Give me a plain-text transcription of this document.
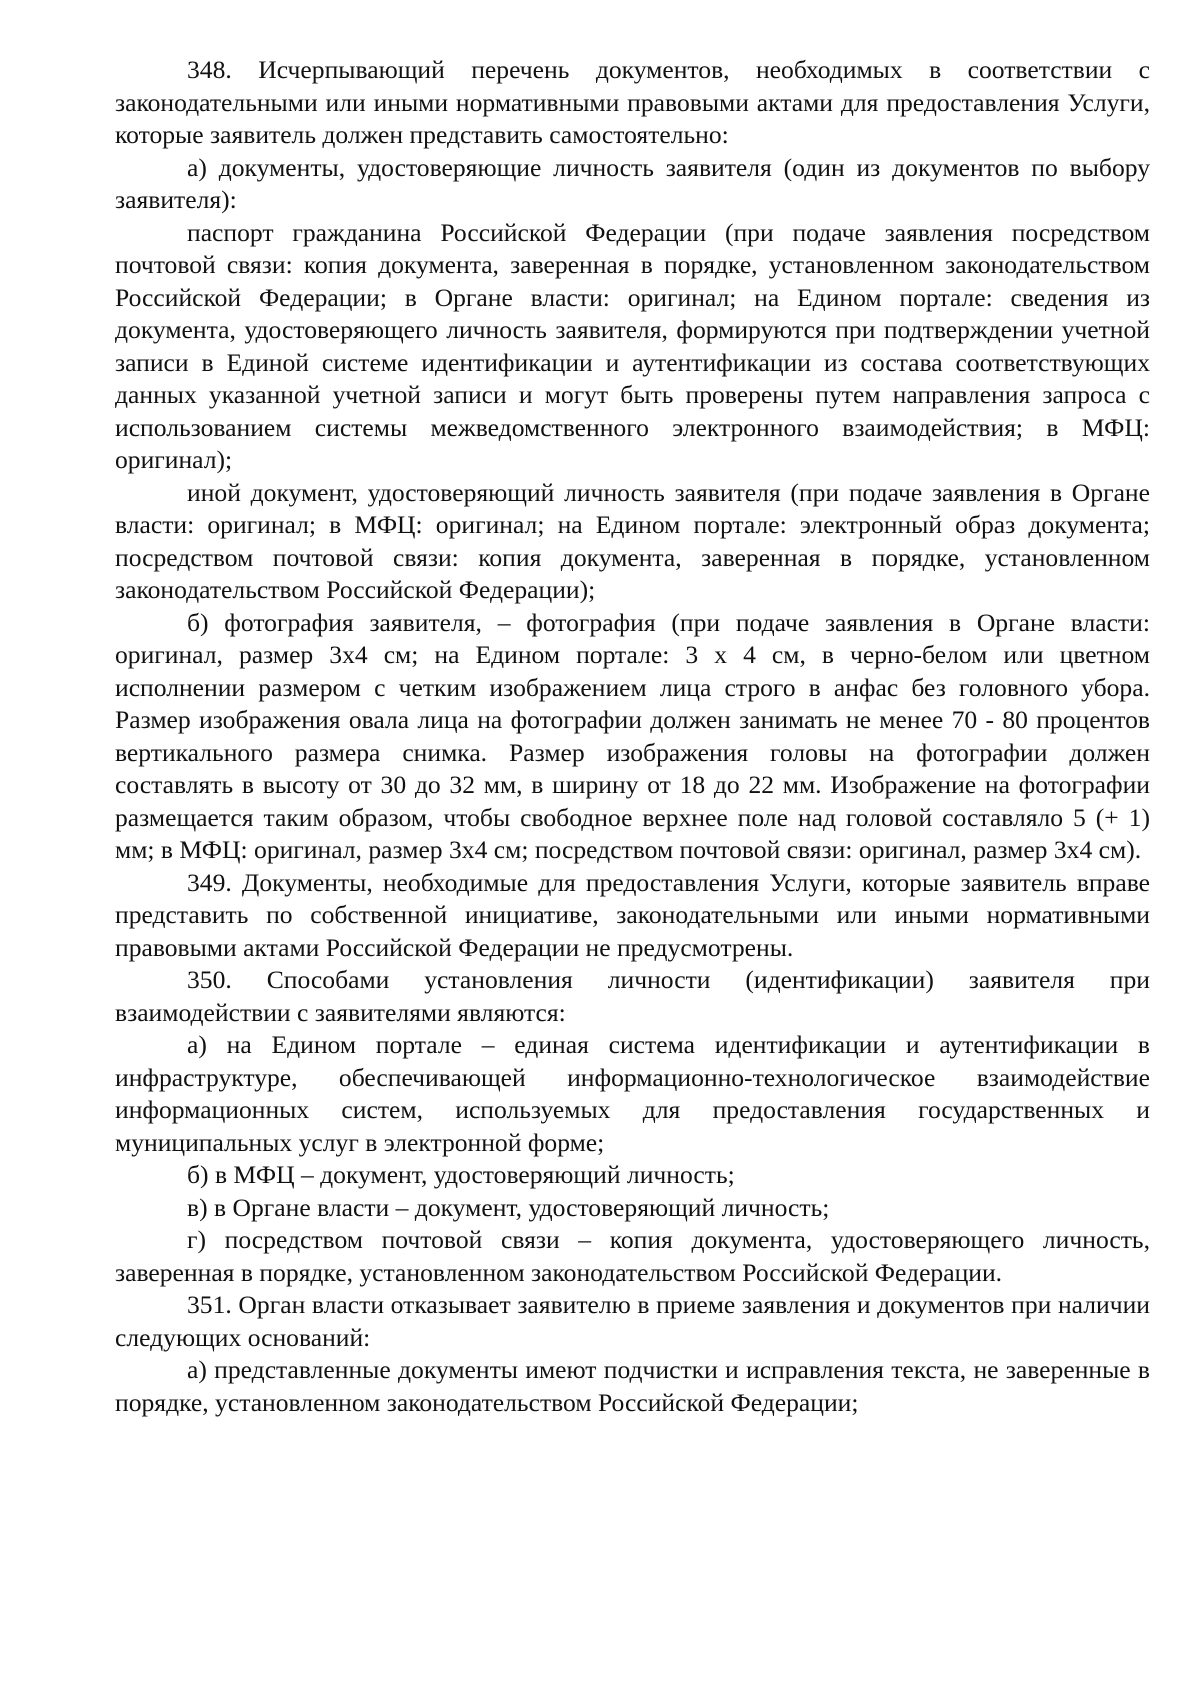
348. Исчерпывающий перечень документов, необходимых в соответствии с законодательными или иными нормативными правовыми актами для предоставления Услуги, которые заявитель должен представить самостоятельно:

а) документы, удостоверяющие личность заявителя (один из документов по выбору заявителя):

паспорт гражданина Российской Федерации (при подаче заявления посредством почтовой связи: копия документа, заверенная в порядке, установленном законодательством Российской Федерации; в Органе власти: оригинал; на Едином портале: сведения из документа, удостоверяющего личность заявителя, формируются при подтверждении учетной записи в Единой системе идентификации и аутентификации из состава соответствующих данных указанной учетной записи и могут быть проверены путем направления запроса с использованием системы межведомственного электронного взаимодействия; в МФЦ: оригинал);

иной документ, удостоверяющий личность заявителя (при подаче заявления в Органе власти: оригинал; в МФЦ: оригинал; на Едином портале: электронный образ документа; посредством почтовой связи: копия документа, заверенная в порядке, установленном законодательством Российской Федерации);

б) фотография заявителя, – фотография (при подаче заявления в Органе власти: оригинал, размер 3x4 см; на Едином портале: 3 x 4 см, в черно-белом или цветном исполнении размером с четким изображением лица строго в анфас без головного убора. Размер изображения овала лица на фотографии должен занимать не менее 70 - 80 процентов вертикального размера снимка. Размер изображения головы на фотографии должен составлять в высоту от 30 до 32 мм, в ширину от 18 до 22 мм. Изображение на фотографии размещается таким образом, чтобы свободное верхнее поле над головой составляло 5 (+ 1) мм; в МФЦ: оригинал, размер 3x4 см; посредством почтовой связи: оригинал, размер 3x4 см).

349. Документы, необходимые для предоставления Услуги, которые заявитель вправе представить по собственной инициативе, законодательными или иными нормативными правовыми актами Российской Федерации не предусмотрены.

350. Способами установления личности (идентификации) заявителя при взаимодействии с заявителями являются:

а) на Едином портале – единая система идентификации и аутентификации в инфраструктуре, обеспечивающей информационно-технологическое взаимодействие информационных систем, используемых для предоставления государственных и муниципальных услуг в электронной форме;

б) в МФЦ – документ, удостоверяющий личность;

в) в Органе власти – документ, удостоверяющий личность;

г) посредством почтовой связи – копия документа, удостоверяющего личность, заверенная в порядке, установленном законодательством Российской Федерации.

351. Орган власти отказывает заявителю в приеме заявления и документов при наличии следующих оснований:

а) представленные документы имеют подчистки и исправления текста, не заверенные в порядке, установленном законодательством Российской Федерации;
